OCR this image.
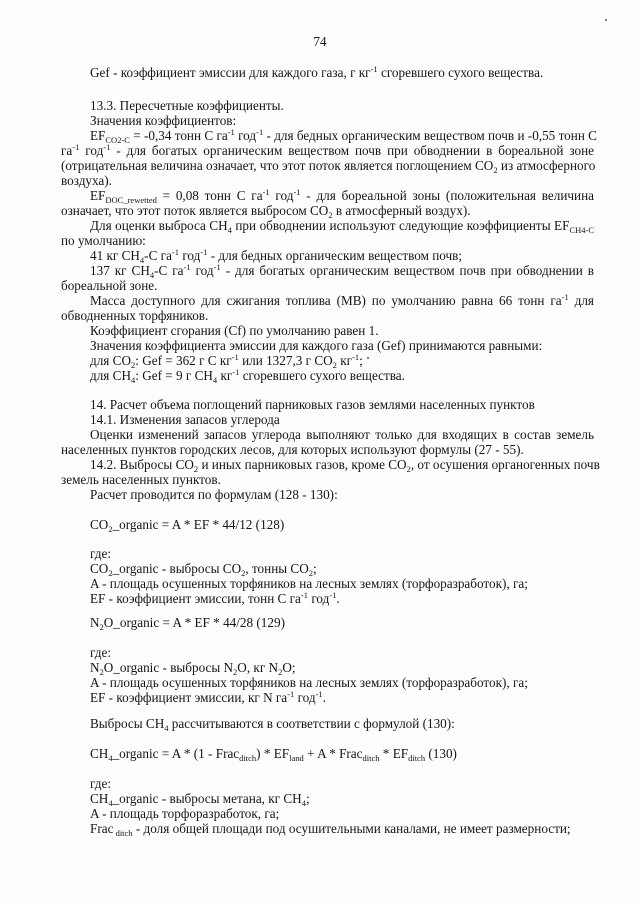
74
Gef - коэффициент эмиссии для каждого газа, г $кг^{-1}$ сгоревшего сухого вещества.
13.3. Пересчетные коэффициенты.
Значения коэффициентов:
$EF_{CO2-C} = -0,34$ тонн С $га^{-1}$ год$^{-1}$ - для бедных органическим веществом почв и -0,55 тонн С
$га^{-1}$ год$^{-1}$ - для богатых органическим веществом почв при обводнении в бореальной зоне
(отрицательная величина означает, что этот поток является поглощением $CO_2$ из атмосферного
воздуха).
$EF_{DOC\_rewetted} = 0,08$ тонн С $га^{-1}$ год$^{-1}$ - для бореальной зоны (положительная величина
означает, что этот поток является выбросом $CO_2$ в атмосферный воздух).
Для оценки выброса $CH_4$ при обводнении используют следующие коэффициенты $EF_{CH4-C}$
по умолчанию:
41 кг $CH_4-C$ $га^{-1}$ год$^{-1}$ - для бедных органическим веществом почв;
137 кг $CH_4-C$ $га^{-1}$ год$^{-1}$ - для богатых органическим веществом почв при обводнении в
бореальной зоне.
Масса доступного для сжигания топлива (MB) по умолчанию равна 66 тонн $га^{-1}$ для
обводненных торфяников.
Коэффициент сгорания (Cf) по умолчанию равен 1.
Значения коэффициента эмиссии для каждого газа (Gef) принимаются равными:
для $CO_2$: Gef = 362 г С $кг^{-1}$ или 1327,3 г $CO_2$ $кг^{-1}$;
для $CH_4$: Gef = 9 г $CH_4$ $кг^{-1}$ сгоревшего сухого вещества.
14. Расчет объема поглощений парниковых газов землями населенных пунктов
14.1. Изменения запасов углерода
Оценки изменений запасов углерода выполняют только для входящих в состав земель
населенных пунктов городских лесов, для которых используют формулы (27 - 55).
14.2. Выбросы $CO_2$ и иных парниковых газов, кроме $CO_2$, от осушения органогенных почв
земель населенных пунктов.
Расчет проводится по формулам (128 - 130):
$CO_2\_organic = A$ * EF * 44/12 (128)
где:
$CO_2\_organic$ - выбросы $CO_2$, тонны $CO_2$;
A - площадь осушенных торфяников на лесных землях (торфоразработок), га;
EF - коэффициент эмиссии, тонн С $га^{-1}$ год$^{-1}$.
$N_2O\_organic = A$ * EF * 44/28 (129)
где:
$N_2O\_organic$ - выбросы $N_2O$, кг $N_2O$;
A - площадь осушенных торфяников на лесных землях (торфоразработок), га;
EF - коэффициент эмиссии, кг N $га^{-1}$ год$^{-1}$.
Выбросы $CH_4$ рассчитываются в соответствии с формулой (130):
$CH_4\_organic = A * (1$ - Frac$_{ditch}$) * $EF_{land} + A$ * Frac$_{ditch}$ * $EF_{ditch}$ (130)
где:
$CH_4\_organic$ - выбросы метана, кг $CH_4$;
A - площадь торфоразработок, га;
Frac $_{ditch}$ - доля общей площади под осушительными каналами, не имеет размерности;
